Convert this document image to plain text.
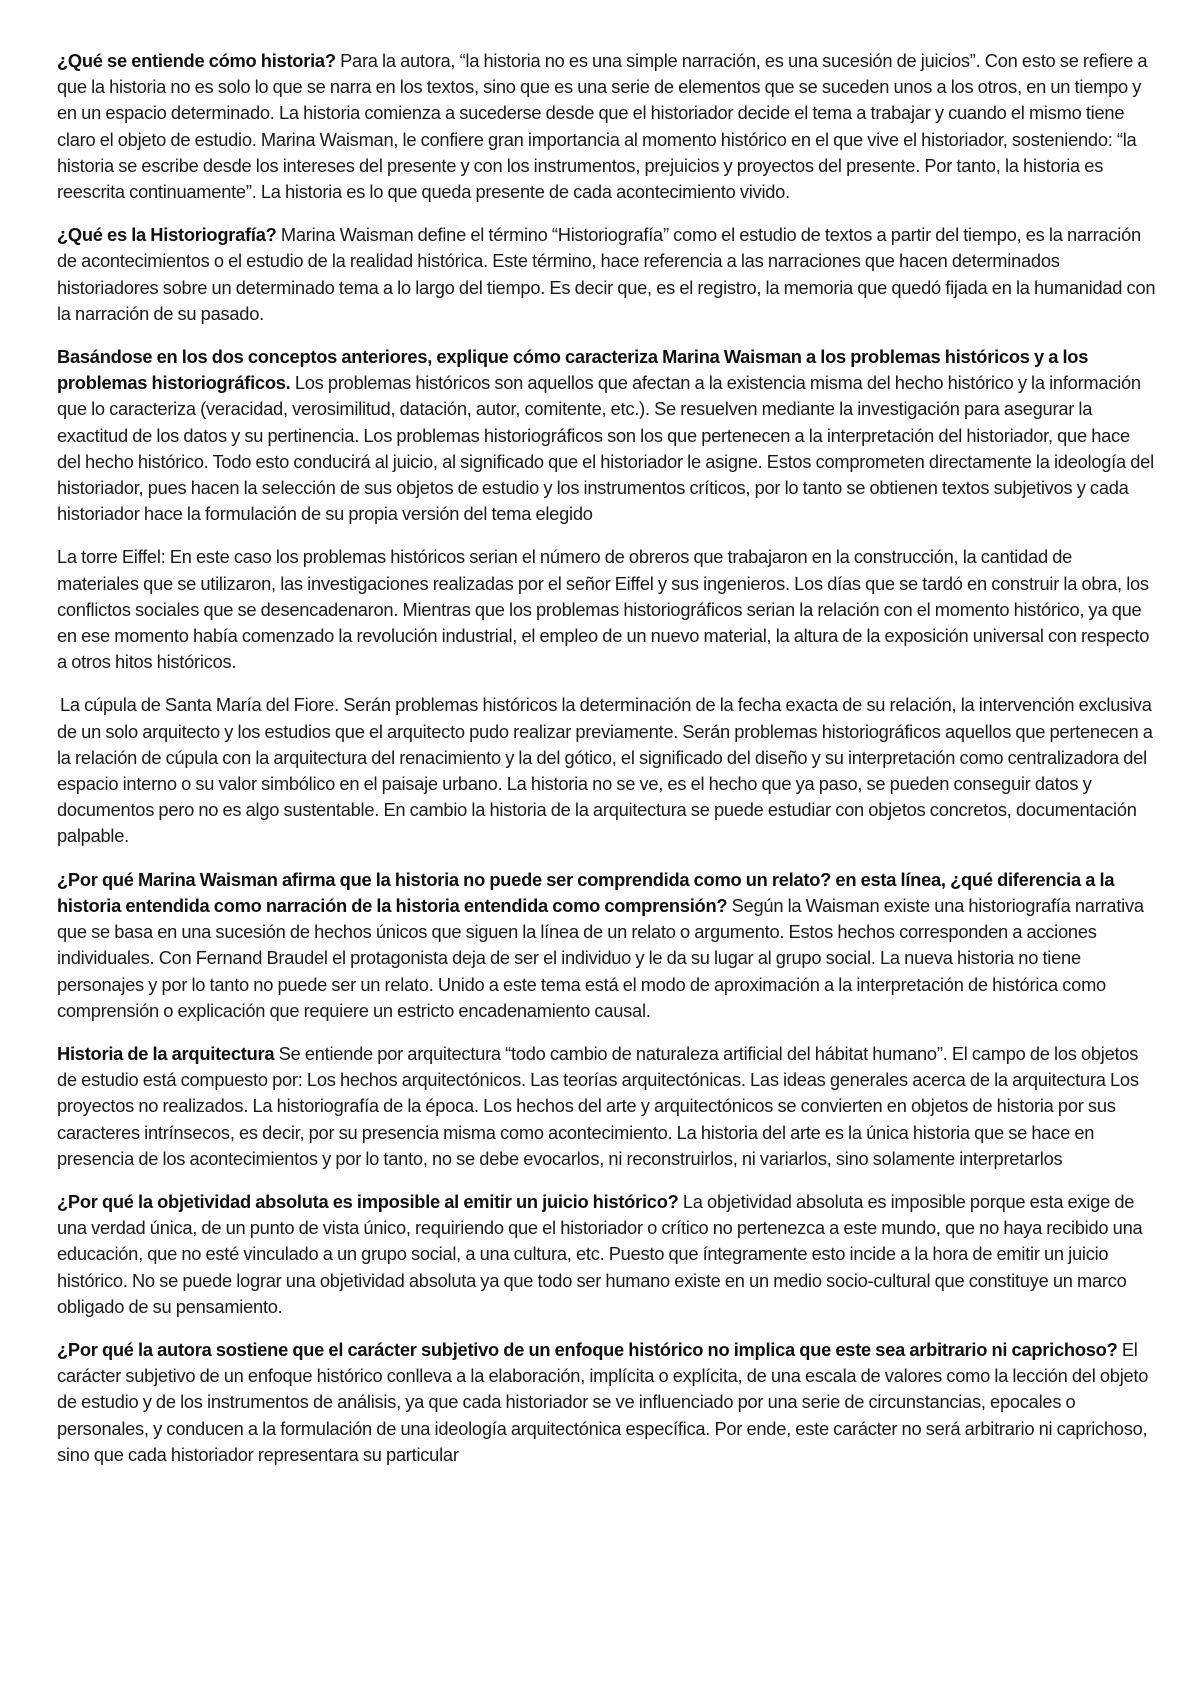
¿Qué se entiende cómo historia? Para la autora, “la historia no es una simple narración, es una sucesión de juicios”. Con esto se refiere a que la historia no es solo lo que se narra en los textos, sino que es una serie de elementos que se suceden unos a los otros, en un tiempo y en un espacio determinado. La historia comienza a sucederse desde que el historiador decide el tema a trabajar y cuando el mismo tiene claro el objeto de estudio. Marina Waisman, le confiere gran importancia al momento histórico en el que vive el historiador, sosteniendo: “la historia se escribe desde los intereses del presente y con los instrumentos, prejuicios y proyectos del presente. Por tanto, la historia es reescrita continuamente”. La historia es lo que queda presente de cada acontecimiento vivido.

¿Qué es la Historiografía? Marina Waisman define el término “Historiografía” como el estudio de textos a partir del tiempo, es la narración de acontecimientos o el estudio de la realidad histórica. Este término, hace referencia a las narraciones que hacen determinados historiadores sobre un determinado tema a lo largo del tiempo. Es decir que, es el registro, la memoria que quedó fijada en la humanidad con la narración de su pasado.

Basándose en los dos conceptos anteriores, explique cómo caracteriza Marina Waisman a los problemas históricos y a los problemas historiográficos. Los problemas históricos son aquellos que afectan a la existencia misma del hecho histórico y la información que lo caracteriza (veracidad, verosimilitud, datación, autor, comitente, etc.). Se resuelven mediante la investigación para asegurar la exactitud de los datos y su pertinencia. Los problemas historiográficos son los que pertenecen a la interpretación del historiador, que hace del hecho histórico. Todo esto conducirá al juicio, al significado que el historiador le asigne. Estos comprometen directamente la ideología del historiador, pues hacen la selección de sus objetos de estudio y los instrumentos críticos, por lo tanto se obtienen textos subjetivos y cada historiador hace la formulación de su propia versión del tema elegido

La torre Eiffel: En este caso los problemas históricos serian el número de obreros que trabajaron en la construcción, la cantidad de materiales que se utilizaron, las investigaciones realizadas por el señor Eiffel y sus ingenieros. Los días que se tardó en construir la obra, los conflictos sociales que se desencadenaron. Mientras que los problemas historiográficos serian la relación con el momento histórico, ya que en ese momento había comenzado la revolución industrial, el empleo de un nuevo material, la altura de la exposición universal con respecto a otros hitos históricos.

La cúpula de Santa María del Fiore. Serán problemas históricos la determinación de la fecha exacta de su relación, la intervención exclusiva de un solo arquitecto y los estudios que el arquitecto pudo realizar previamente. Serán problemas historiográficos aquellos que pertenecen a la relación de cúpula con la arquitectura del renacimiento y la del gótico, el significado del diseño y su interpretación como centralizadora del espacio interno o su valor simbólico en el paisaje urbano. La historia no se ve, es el hecho que ya paso, se pueden conseguir datos y documentos pero no es algo sustentable. En cambio la historia de la arquitectura se puede estudiar con objetos concretos, documentación palpable.

¿Por qué Marina Waisman afirma que la historia no puede ser comprendida como un relato? en esta línea, ¿qué diferencia a la historia entendida como narración de la historia entendida como comprensión? Según la Waisman existe una historiografía narrativa que se basa en una sucesión de hechos únicos que siguen la línea de un relato o argumento. Estos hechos corresponden a acciones individuales. Con Fernand Braudel el protagonista deja de ser el individuo y le da su lugar al grupo social. La nueva historia no tiene personajes y por lo tanto no puede ser un relato. Unido a este tema está el modo de aproximación a la interpretación de histórica como comprensión o explicación que requiere un estricto encadenamiento causal.

Historia de la arquitectura Se entiende por arquitectura “todo cambio de naturaleza artificial del hábitat humano”. El campo de los objetos de estudio está compuesto por: Los hechos arquitectónicos. Las teorías arquitectónicas. Las ideas generales acerca de la arquitectura Los proyectos no realizados. La historiografía de la época. Los hechos del arte y arquitectónicos se convierten en objetos de historia por sus caracteres intrínsecos, es decir, por su presencia misma como acontecimiento. La historia del arte es la única historia que se hace en presencia de los acontecimientos y por lo tanto, no se debe evocarlos, ni reconstruirlos, ni variarlos, sino solamente interpretarlos

¿Por qué la objetividad absoluta es imposible al emitir un juicio histórico? La objetividad absoluta es imposible porque esta exige de una verdad única, de un punto de vista único, requiriendo que el historiador o crítico no pertenezca a este mundo, que no haya recibido una educación, que no esté vinculado a un grupo social, a una cultura, etc. Puesto que íntegramente esto incide a la hora de emitir un juicio histórico. No se puede lograr una objetividad absoluta ya que todo ser humano existe en un medio socio-cultural que constituye un marco obligado de su pensamiento.

¿Por qué la autora sostiene que el carácter subjetivo de un enfoque histórico no implica que este sea arbitrario ni caprichoso? El carácter subjetivo de un enfoque histórico conlleva a la elaboración, implícita o explícita, de una escala de valores como la lección del objeto de estudio y de los instrumentos de análisis, ya que cada historiador se ve influenciado por una serie de circunstancias, epocales o personales, y conducen a la formulación de una ideología arquitectónica específica. Por ende, este carácter no será arbitrario ni caprichoso, sino que cada historiador representara su particular
